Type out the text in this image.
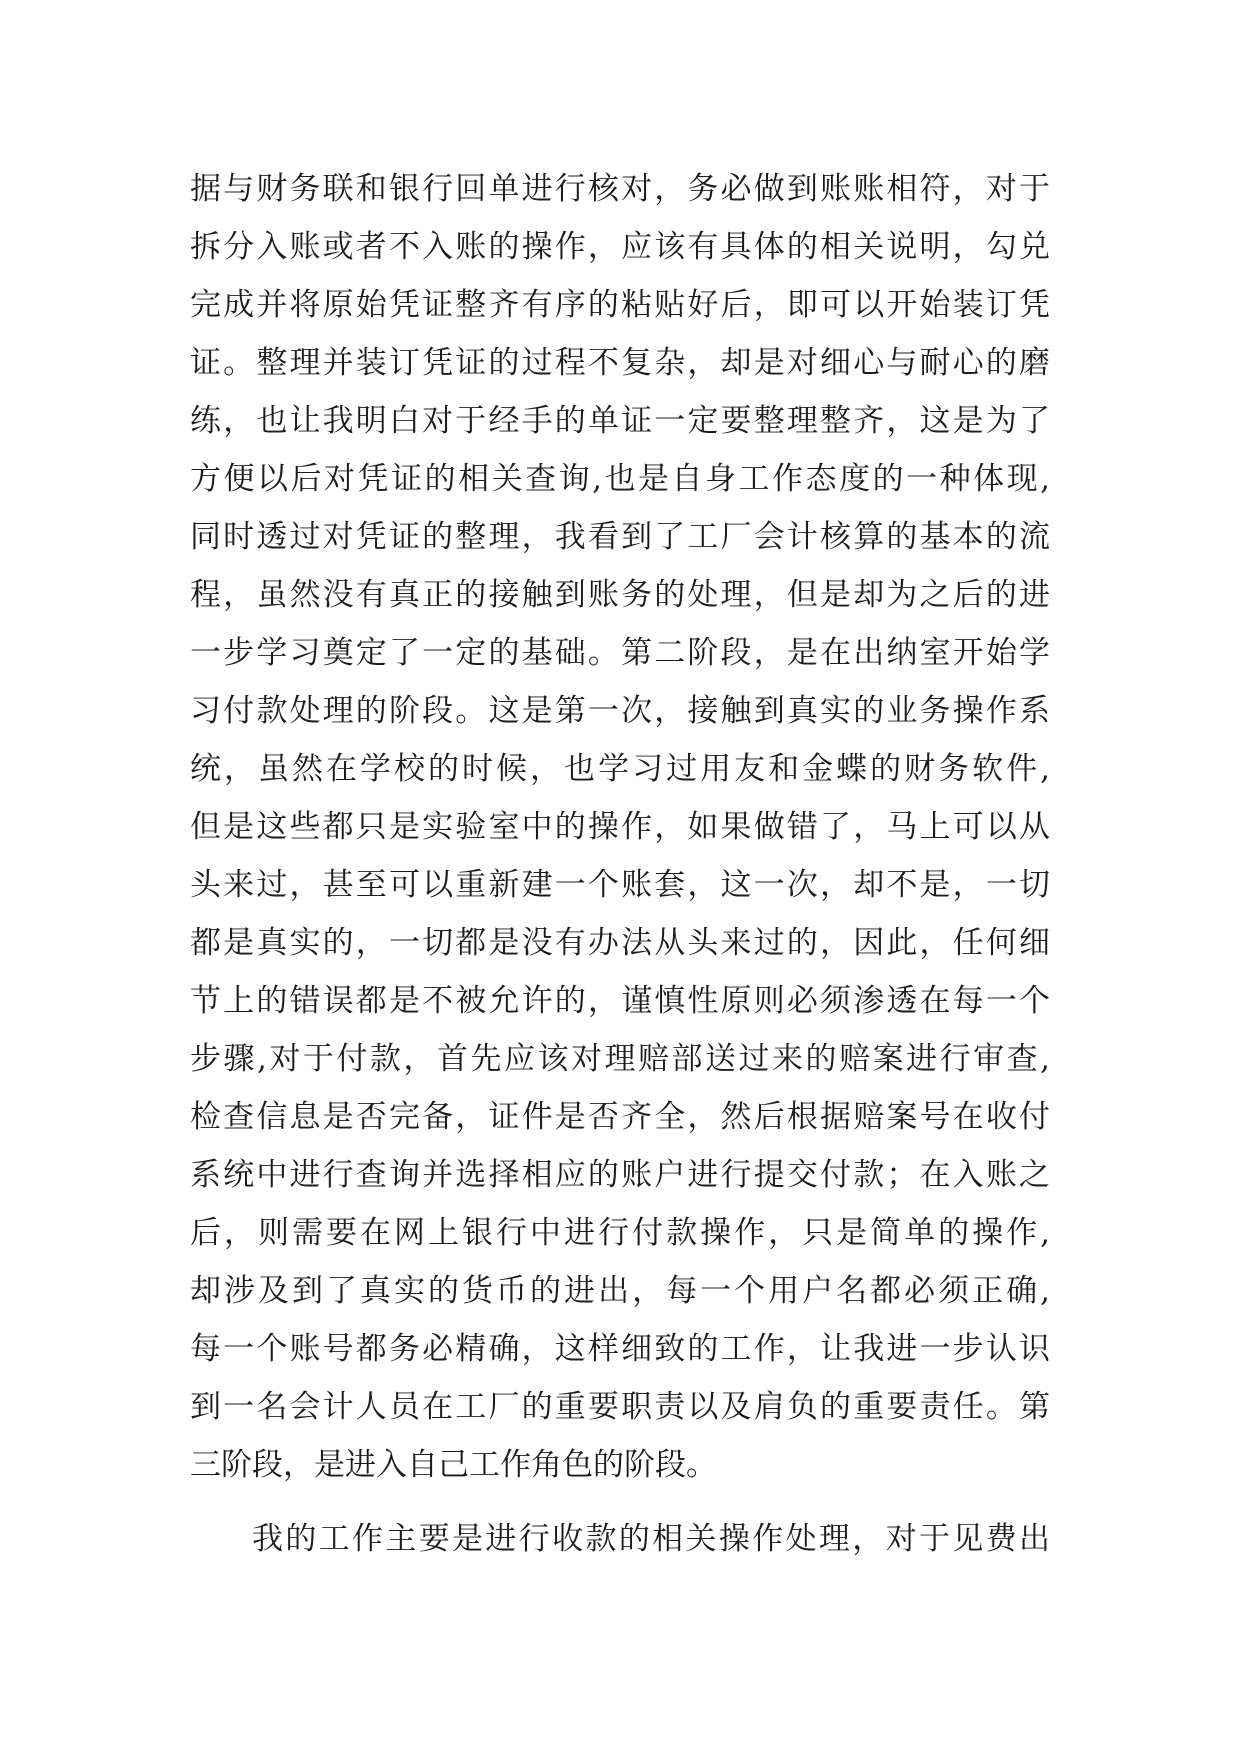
据与财务联和银行回单进行核对，务必做到账账相符，对于
拆分入账或者不入账的操作，应该有具体的相关说明，勾兑
完成并将原始凭证整齐有序的粘贴好后，即可以开始装订凭
证。整理并装订凭证的过程不复杂，却是对细心与耐心的磨
练，也让我明白对于经手的单证一定要整理整齐，这是为了
方便以后对凭证的相关查询,也是自身工作态度的一种体现,
同时透过对凭证的整理，我看到了工厂会计核算的基本的流
程，虽然没有真正的接触到账务的处理，但是却为之后的进
一步学习奠定了一定的基础。第二阶段，是在出纳室开始学
习付款处理的阶段。这是第一次，接触到真实的业务操作系
统，虽然在学校的时候，也学习过用友和金蝶的财务软件,
但是这些都只是实验室中的操作，如果做错了，马上可以从
头来过，甚至可以重新建一个账套，这一次，却不是，一切
都是真实的，一切都是没有办法从头来过的，因此，任何细
节上的错误都是不被允许的，谨慎性原则必须渗透在每一个
步骤,对于付款，首先应该对理赔部送过来的赔案进行审查,
检查信息是否完备，证件是否齐全，然后根据赔案号在收付
系统中进行查询并选择相应的账户进行提交付款；在入账之
后，则需要在网上银行中进行付款操作，只是简单的操作,
却涉及到了真实的货币的进出，每一个用户名都必须正确,
每一个账号都务必精确，这样细致的工作，让我进一步认识
到一名会计人员在工厂的重要职责以及肩负的重要责任。第
三阶段，是进入自己工作角色的阶段。
我的工作主要是进行收款的相关操作处理，对于见费出
